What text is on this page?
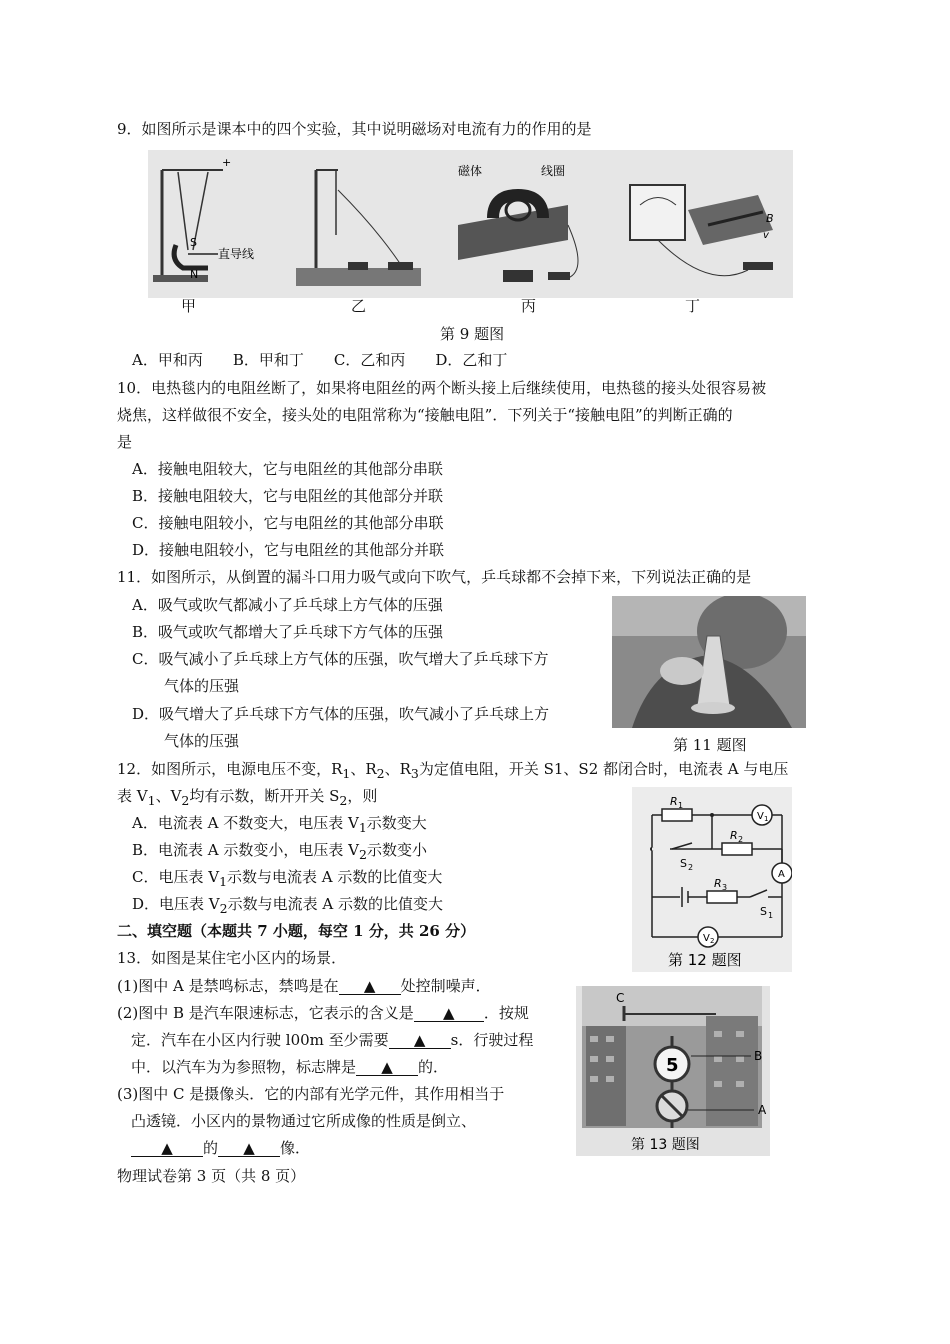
9．如图所示是课本中的四个实验，其中说明磁场对电流有力的作用的是
S
N
直导线
+
磁体	线圈
B
v
甲	乙	丙	丁
第 9 题图
A．甲和丙　　B．甲和丁　　C．乙和丙　　D．乙和丁
10．电热毯内的电阻丝断了，如果将电阻丝的两个断头接上后继续使用，电热毯的接头处很容易被
烧焦，这样做很不安全，接头处的电阻常称为“接触电阻”．下列关于“接触电阻”的判断正确的
是
A．接触电阻较大，它与电阻丝的其他部分串联
B．接触电阻较大，它与电阻丝的其他部分并联
C．接触电阻较小，它与电阻丝的其他部分串联
D．接触电阻较小，它与电阻丝的其他部分并联
11．如图所示，从倒置的漏斗口用力吸气或向下吹气，乒乓球都不会掉下来，下列说法正确的是
A．吸气或吹气都减小了乒乓球上方气体的压强
B．吸气或吹气都增大了乒乓球下方气体的压强
C．吸气减小了乒乓球上方气体的压强，吹气增大了乒乓球下方
气体的压强
D．吸气增大了乒乓球下方气体的压强，吹气减小了乒乓球上方
气体的压强	第 11 题图
12．如图所示，电源电压不变，$R_1$、$R_2$、$R_3$为定值电阻，开关 S1、S2 都闭合时，电流表 A 与电压
表 $V_1$、$V_2$均有示数，断开开关 $S_2$，则
A．电流表 A 不数变大，电压表 $V_1$示数变大
B．电流表 A 示数变小，电压表 $V_2$示数变小
C．电压表 $V_1$示数与电流表 A 示数的比值变大
D．电压表 $V_2$示数与电流表 A 示数的比值变大
R 1
R 2
R 3
V 1
A
V 2
S 2
S 1
第 12 题图
二、填空题（本题共 7 小题，每空 1 分，共 26 分）
13．如图是某住宅小区内的场景．
(1)图中 A 是禁鸣标志，禁鸣是在 ▲ 处控制噪声．
(2)图中 B 是汽车限速标志，它表示的含义是 ▲ ．按规
定．汽车在小区内行驶 l00m 至少需要 ▲ s．行驶过程
中．以汽车为为参照物，标志牌是 ▲ 的．
(3)图中 C 是摄像头．它的内部有光学元件，其作用相当于
凸透镜．小区内的景物通过它所成像的性质是倒立、
▲ 的 ▲ 像．
5	B
A
C
第 13 题图
物理试卷第 3 页（共 8 页）
